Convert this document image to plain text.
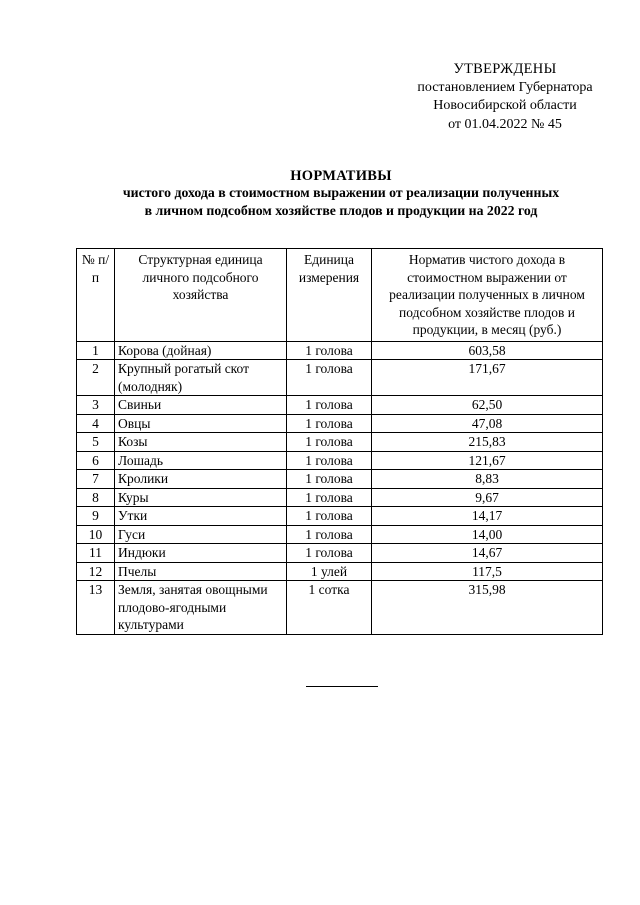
УТВЕРЖДЕНЫ
постановлением Губернатора
Новосибирской области
от 01.04.2022 № 45
НОРМАТИВЫ
чистого дохода в стоимостном выражении от реализации полученных
в личном подсобном хозяйстве плодов и продукции на 2022 год
№ п/п	Структурная единица личного подсобного хозяйства	Единица измерения	Норматив чистого дохода в стоимостном выражении от реализации полученных в личном подсобном хозяйстве плодов и продукции, в месяц (руб.)
1	Корова (дойная)	1 голова	603,58
2	Крупный рогатый скот (молодняк)	1 голова	171,67
3	Свиньи	1 голова	62,50
4	Овцы	1 голова	47,08
5	Козы	1 голова	215,83
6	Лошадь	1 голова	121,67
7	Кролики	1 голова	8,83
8	Куры	1 голова	9,67
9	Утки	1 голова	14,17
10	Гуси	1 голова	14,00
11	Индюки	1 голова	14,67
12	Пчелы	1 улей	117,5
13	Земля, занятая овощными плодово-ягодными культурами	1 сотка	315,98
